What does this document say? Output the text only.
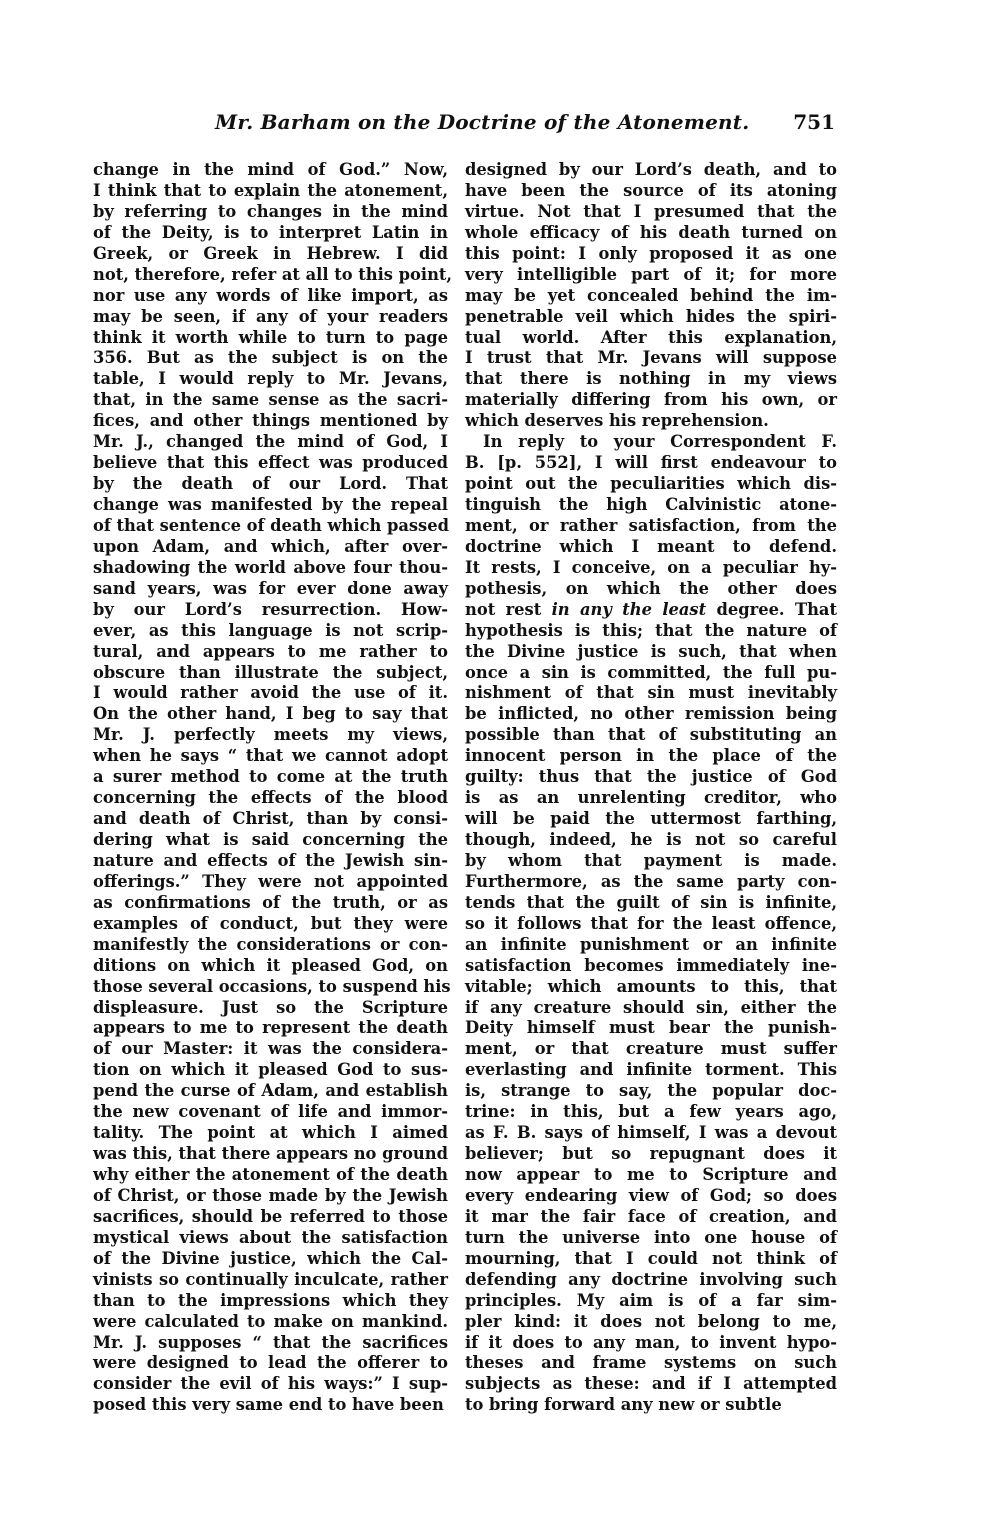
Mr. Barham on the Doctrine of the Atonement. 751
change in the mind of God.” Now,
I think that to explain the atonement,
by referring to changes in the mind
of the Deity, is to interpret Latin in
Greek, or Greek in Hebrew. I did
not, therefore, refer at all to this point,
nor use any words of like import, as
may be seen, if any of your readers
think it worth while to turn to page
356. But as the subject is on the
table, I would reply to Mr. Jevans,
that, in the same sense as the sacri-
fices, and other things mentioned by
Mr. J., changed the mind of God, I
believe that this effect was produced
by the death of our Lord. That
change was manifested by the repeal
of that sentence of death which passed
upon Adam, and which, after over-
shadowing the world above four thou-
sand years, was for ever done away
by our Lord’s resurrection. How-
ever, as this language is not scrip-
tural, and appears to me rather to
obscure than illustrate the subject,
I would rather avoid the use of it.
On the other hand, I beg to say that
Mr. J. perfectly meets my views,
when he says “ that we cannot adopt
a surer method to come at the truth
concerning the effects of the blood
and death of Christ, than by consi-
dering what is said concerning the
nature and effects of the Jewish sin-
offerings.” They were not appointed
as confirmations of the truth, or as
examples of conduct, but they were
manifestly the considerations or con-
ditions on which it pleased God, on
those several occasions, to suspend his
displeasure. Just so the Scripture
appears to me to represent the death
of our Master: it was the considera-
tion on which it pleased God to sus-
pend the curse of Adam, and establish
the new covenant of life and immor-
tality. The point at which I aimed
was this, that there appears no ground
why either the atonement of the death
of Christ, or those made by the Jewish
sacrifices, should be referred to those
mystical views about the satisfaction
of the Divine justice, which the Cal-
vinists so continually inculcate, rather
than to the impressions which they
were calculated to make on mankind.
Mr. J. supposes “ that the sacrifices
were designed to lead the offerer to
consider the evil of his ways:” I sup-
posed this very same end to have been
designed by our Lord’s death, and to
have been the source of its atoning
virtue. Not that I presumed that the
whole efficacy of his death turned on
this point: I only proposed it as one
very intelligible part of it; for more
may be yet concealed behind the im-
penetrable veil which hides the spiri-
tual world. After this explanation,
I trust that Mr. Jevans will suppose
that there is nothing in my views
materially differing from his own, or
which deserves his reprehension.
In reply to your Correspondent F.
B. [p. 552], I will first endeavour to
point out the peculiarities which dis-
tinguish the high Calvinistic atone-
ment, or rather satisfaction, from the
doctrine which I meant to defend.
It rests, I conceive, on a peculiar hy-
pothesis, on which the other does
not rest in any the least degree. That
hypothesis is this; that the nature of
the Divine justice is such, that when
once a sin is committed, the full pu-
nishment of that sin must inevitably
be inflicted, no other remission being
possible than that of substituting an
innocent person in the place of the
guilty: thus that the justice of God
is as an unrelenting creditor, who
will be paid the uttermost farthing,
though, indeed, he is not so careful
by whom that payment is made.
Furthermore, as the same party con-
tends that the guilt of sin is infinite,
so it follows that for the least offence,
an infinite punishment or an infinite
satisfaction becomes immediately ine-
vitable; which amounts to this, that
if any creature should sin, either the
Deity himself must bear the punish-
ment, or that creature must suffer
everlasting and infinite torment. This
is, strange to say, the popular doc-
trine: in this, but a few years ago,
as F. B. says of himself, I was a devout
believer; but so repugnant does it
now appear to me to Scripture and
every endearing view of God; so does
it mar the fair face of creation, and
turn the universe into one house of
mourning, that I could not think of
defending any doctrine involving such
principles. My aim is of a far sim-
pler kind: it does not belong to me,
if it does to any man, to invent hypo-
theses and frame systems on such
subjects as these: and if I attempted
to bring forward any new or subtle
